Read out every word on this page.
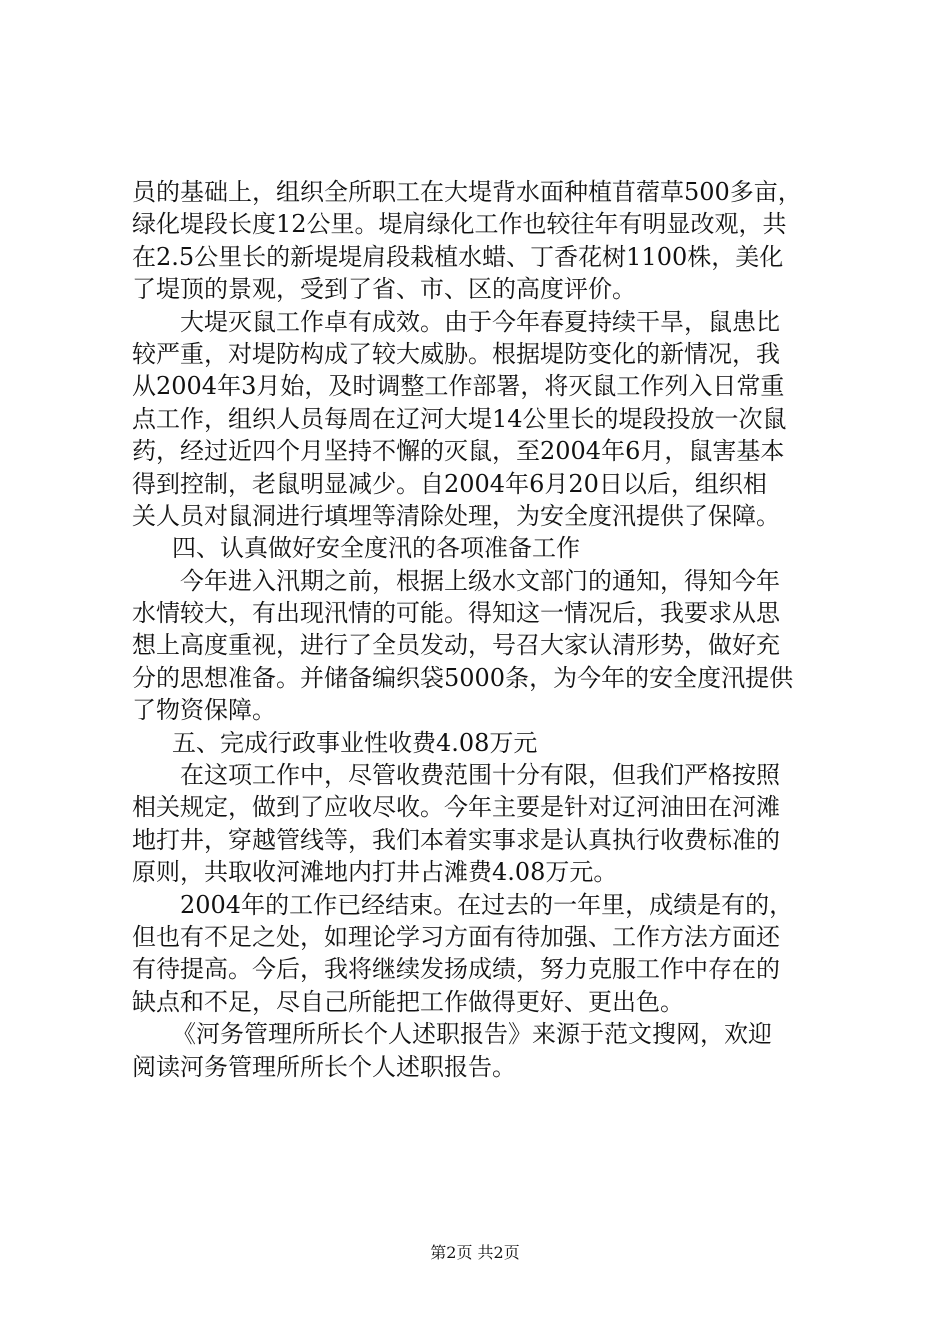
员的基础上，组织全所职工在大堤背水面种植苜蓿草500多亩，
绿化堤段长度12公里。堤肩绿化工作也较往年有明显改观，共
在2.5公里长的新堤堤肩段栽植水蜡、丁香花树1100株，美化
了堤顶的景观，受到了省、市、区的高度评价。
大堤灭鼠工作卓有成效。由于今年春夏持续干旱，鼠患比
较严重，对堤防构成了较大威胁。根据堤防变化的新情况，我
从2004年3月始，及时调整工作部署，将灭鼠工作列入日常重
点工作，组织人员每周在辽河大堤14公里长的堤段投放一次鼠
药，经过近四个月坚持不懈的灭鼠，至2004年6月，鼠害基本
得到控制，老鼠明显减少。自2004年6月20日以后，组织相
关人员对鼠洞进行填埋等清除处理，为安全度汛提供了保障。
四、认真做好安全度汛的各项准备工作
今年进入汛期之前，根据上级水文部门的通知，得知今年
水情较大，有出现汛情的可能。得知这一情况后，我要求从思
想上高度重视，进行了全员发动，号召大家认清形势，做好充
分的思想准备。并储备编织袋5000条，为今年的安全度汛提供
了物资保障。
五、完成行政事业性收费4.08万元
在这项工作中，尽管收费范围十分有限，但我们严格按照
相关规定，做到了应收尽收。今年主要是针对辽河油田在河滩
地打井，穿越管线等，我们本着实事求是认真执行收费标准的
原则，共取收河滩地内打井占滩费4.08万元。
2004年的工作已经结束。在过去的一年里，成绩是有的，
但也有不足之处，如理论学习方面有待加强、工作方法方面还
有待提高。今后，我将继续发扬成绩，努力克服工作中存在的
缺点和不足，尽自己所能把工作做得更好、更出色。
《河务管理所所长个人述职报告》来源于范文搜网，欢迎
阅读河务管理所所长个人述职报告。
第2页 共2页
